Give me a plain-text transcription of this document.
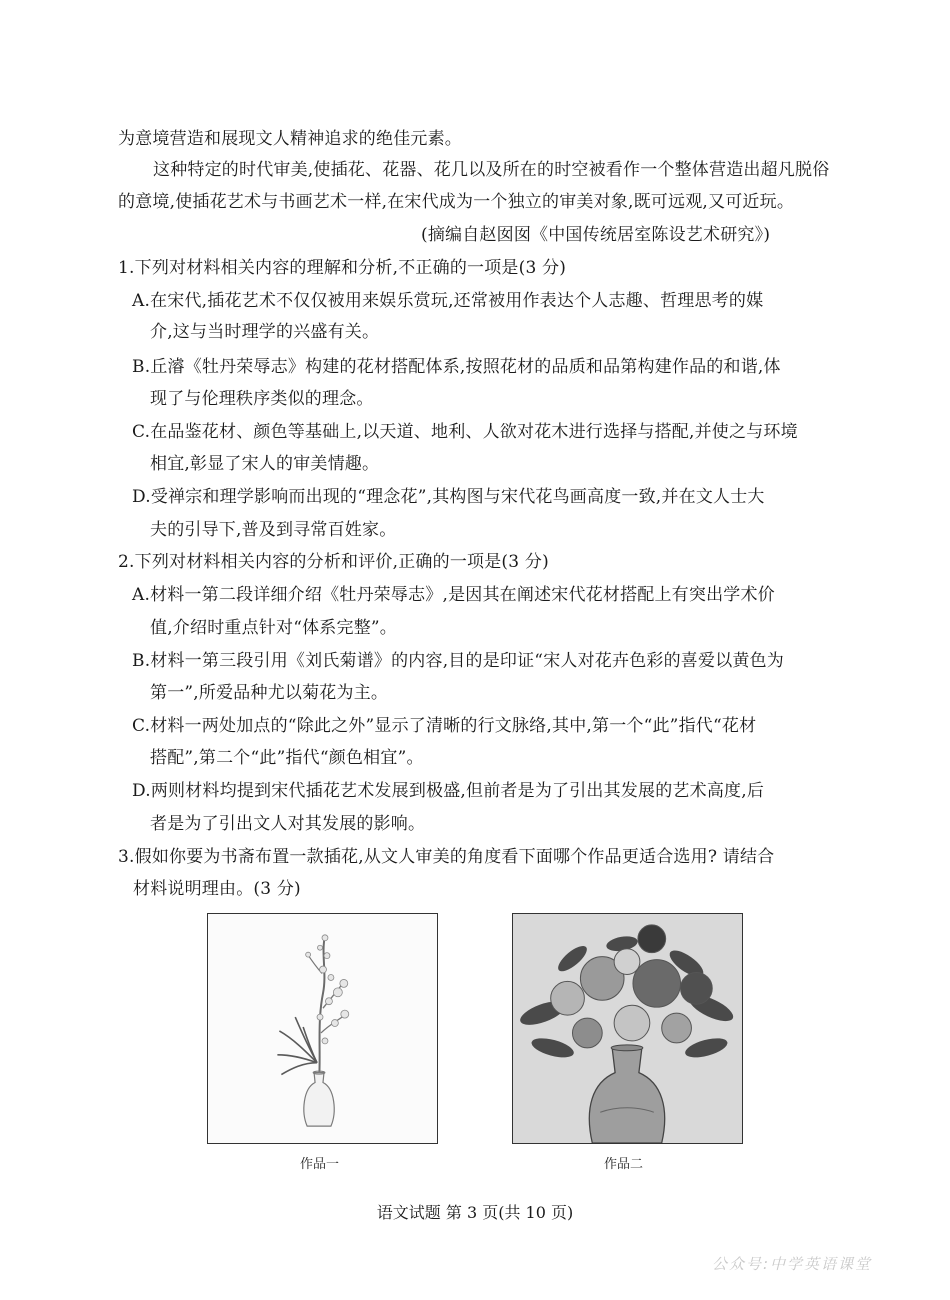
为意境营造和展现文人精神追求的绝佳元素。
这种特定的时代审美,使插花、花器、花几以及所在的时空被看作一个整体营造出超凡脱俗
的意境,使插花艺术与书画艺术一样,在宋代成为一个独立的审美对象,既可远观,又可近玩。
(摘编自赵囡囡《中国传统居室陈设艺术研究》)
1.下列对材料相关内容的理解和分析,不正确的一项是(3 分)
A.在宋代,插花艺术不仅仅被用来娱乐赏玩,还常被用作表达个人志趣、哲理思考的媒
介,这与当时理学的兴盛有关。
B.丘濬《牡丹荣辱志》构建的花材搭配体系,按照花材的品质和品第构建作品的和谐,体
现了与伦理秩序类似的理念。
C.在品鉴花材、颜色等基础上,以天道、地利、人欲对花木进行选择与搭配,并使之与环境
相宜,彰显了宋人的审美情趣。
D.受禅宗和理学影响而出现的“理念花”,其构图与宋代花鸟画高度一致,并在文人士大
夫的引导下,普及到寻常百姓家。
2.下列对材料相关内容的分析和评价,正确的一项是(3 分)
A.材料一第二段详细介绍《牡丹荣辱志》,是因其在阐述宋代花材搭配上有突出学术价
值,介绍时重点针对“体系完整”。
B.材料一第三段引用《刘氏菊谱》的内容,目的是印证“宋人对花卉色彩的喜爱以黄色为
第一”,所爱品种尤以菊花为主。
C.材料一两处加点的“除此之外”显示了清晰的行文脉络,其中,第一个“此”指代“花材
搭配”,第二个“此”指代“颜色相宜”。
D.两则材料均提到宋代插花艺术发展到极盛,但前者是为了引出其发展的艺术高度,后
者是为了引出文人对其发展的影响。
3.假如你要为书斋布置一款插花,从文人审美的角度看下面哪个作品更适合选用? 请结合
材料说明理由。(3 分)
作品一	作品二
语文试题 第 3 页(共 10 页)
公众号:中学英语课堂
